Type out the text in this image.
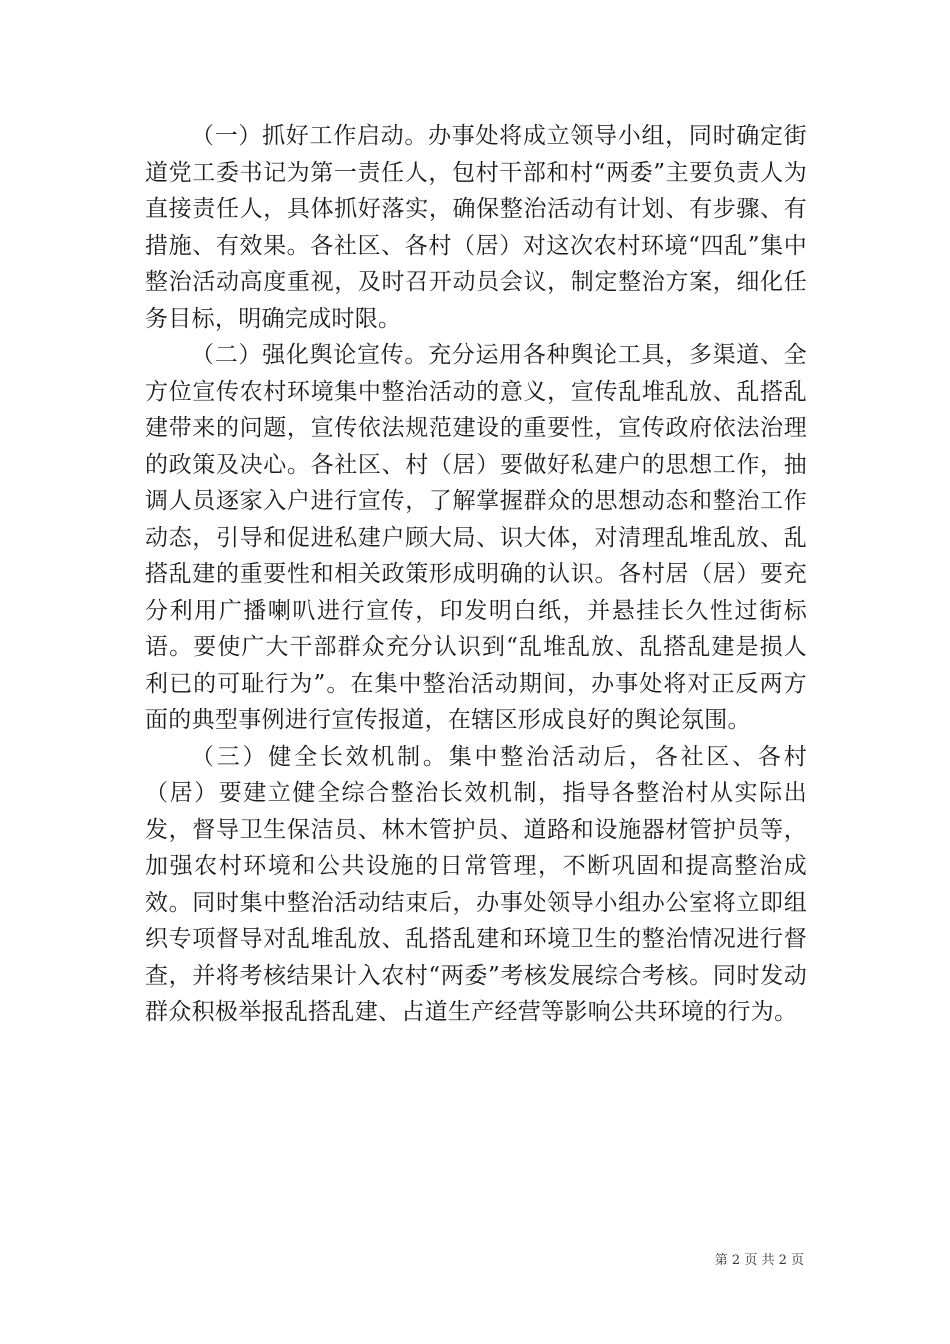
（一）抓好工作启动。办事处将成立领导小组，同时确定街道党工委书记为第一责任人，包村干部和村“两委”主要负责人为直接责任人，具体抓好落实，确保整治活动有计划、有步骤、有措施、有效果。各社区、各村（居）对这次农村环境“四乱”集中整治活动高度重视，及时召开动员会议，制定整治方案，细化任务目标，明确完成时限。

（二）强化舆论宣传。充分运用各种舆论工具，多渠道、全方位宣传农村环境集中整治活动的意义，宣传乱堆乱放、乱搭乱建带来的问题，宣传依法规范建设的重要性，宣传政府依法治理的政策及决心。各社区、村（居）要做好私建户的思想工作，抽调人员逐家入户进行宣传，了解掌握群众的思想动态和整治工作动态，引导和促进私建户顾大局、识大体，对清理乱堆乱放、乱搭乱建的重要性和相关政策形成明确的认识。各村居（居）要充分利用广播喇叭进行宣传，印发明白纸，并悬挂长久性过街标语。要使广大干部群众充分认识到“乱堆乱放、乱搭乱建是损人利已的可耻行为”。在集中整治活动期间，办事处将对正反两方面的典型事例进行宣传报道，在辖区形成良好的舆论氛围。

（三）健全长效机制。集中整治活动后，各社区、各村（居）要建立健全综合整治长效机制，指导各整治村从实际出发，督导卫生保洁员、林木管护员、道路和设施器材管护员等，加强农村环境和公共设施的日常管理，不断巩固和提高整治成效。同时集中整治活动结束后，办事处领导小组办公室将立即组织专项督导对乱堆乱放、乱搭乱建和环境卫生的整治情况进行督查，并将考核结果计入农村“两委”考核发展综合考核。同时发动群众积极举报乱搭乱建、占道生产经营等影响公共环境的行为。

第 2 页 共 2 页
